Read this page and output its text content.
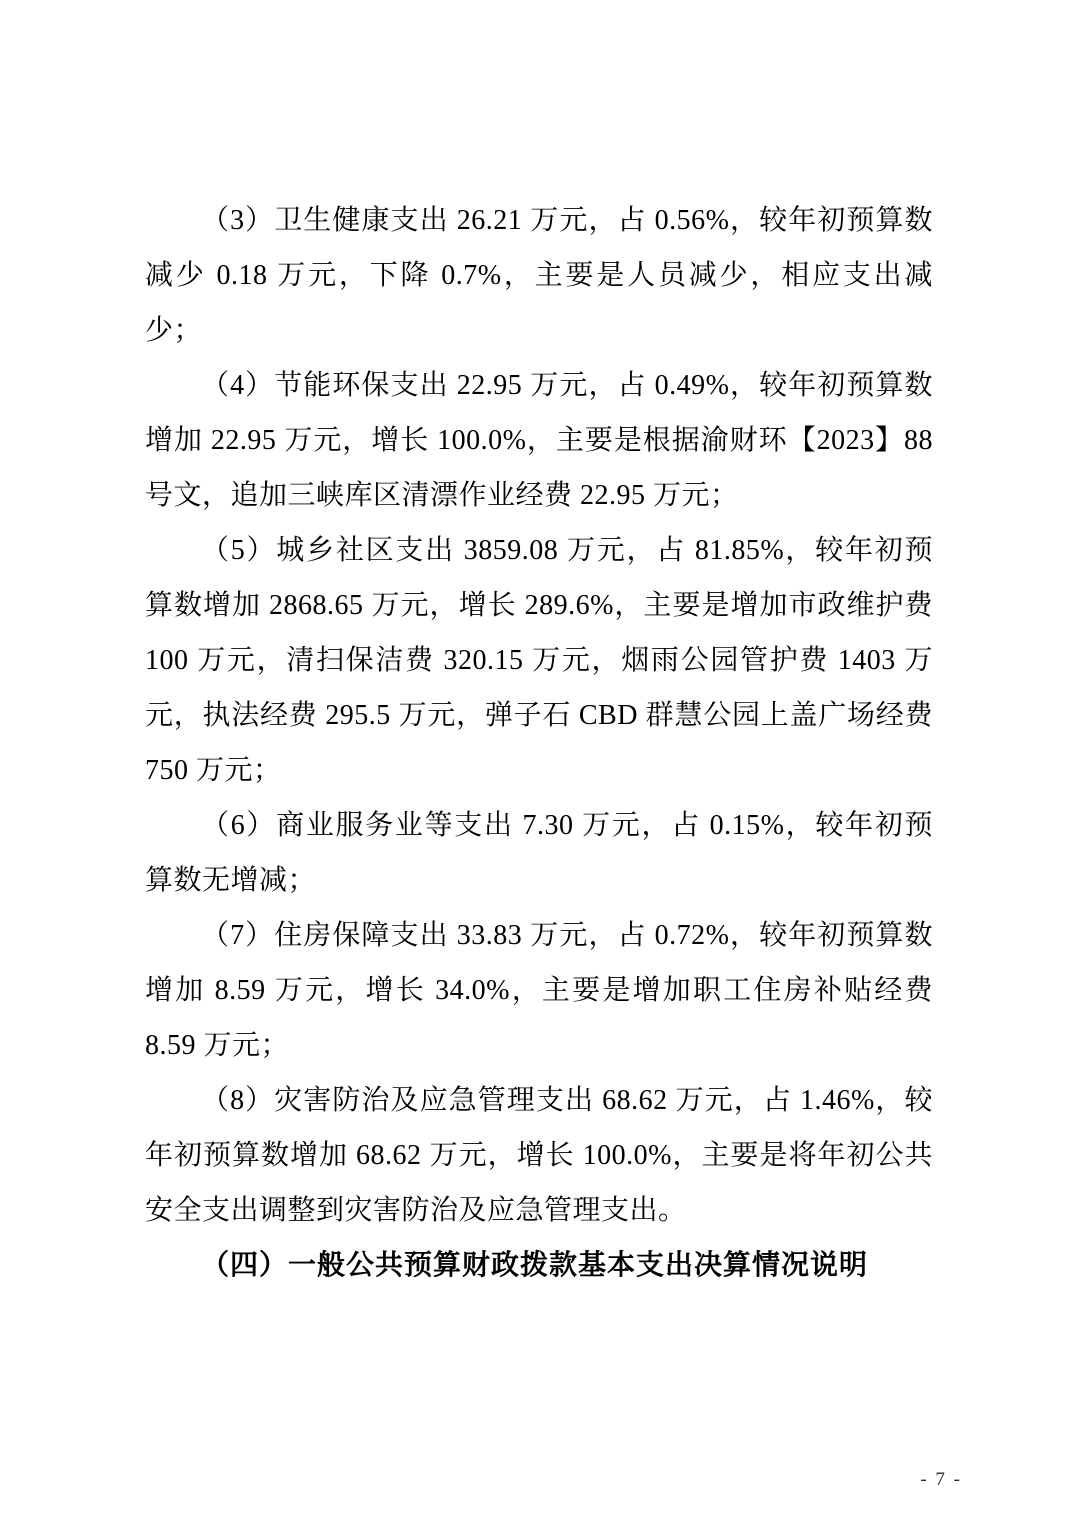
（3）卫生健康支出 26.21 万元，占 0.56%，较年初预算数减少 0.18 万元，下降 0.7%，主要是人员减少，相应支出减少；

（4）节能环保支出 22.95 万元，占 0.49%，较年初预算数增加 22.95 万元，增长 100.0%，主要是根据渝财环【2023】88 号文，追加三峡库区清漂作业经费 22.95 万元；

（5）城乡社区支出 3859.08 万元，占 81.85%，较年初预算数增加 2868.65 万元，增长 289.6%，主要是增加市政维护费 100 万元，清扫保洁费 320.15 万元，烟雨公园管护费 1403 万元，执法经费 295.5 万元，弹子石 CBD 群慧公园上盖广场经费 750 万元；

（6）商业服务业等支出 7.30 万元，占 0.15%，较年初预算数无增减；

（7）住房保障支出 33.83 万元，占 0.72%，较年初预算数增加 8.59 万元，增长 34.0%，主要是增加职工住房补贴经费 8.59 万元；

（8）灾害防治及应急管理支出 68.62 万元，占 1.46%，较年初预算数增加 68.62 万元，增长 100.0%，主要是将年初公共安全支出调整到灾害防治及应急管理支出。

（四）一般公共预算财政拨款基本支出决算情况说明

- 7 -
